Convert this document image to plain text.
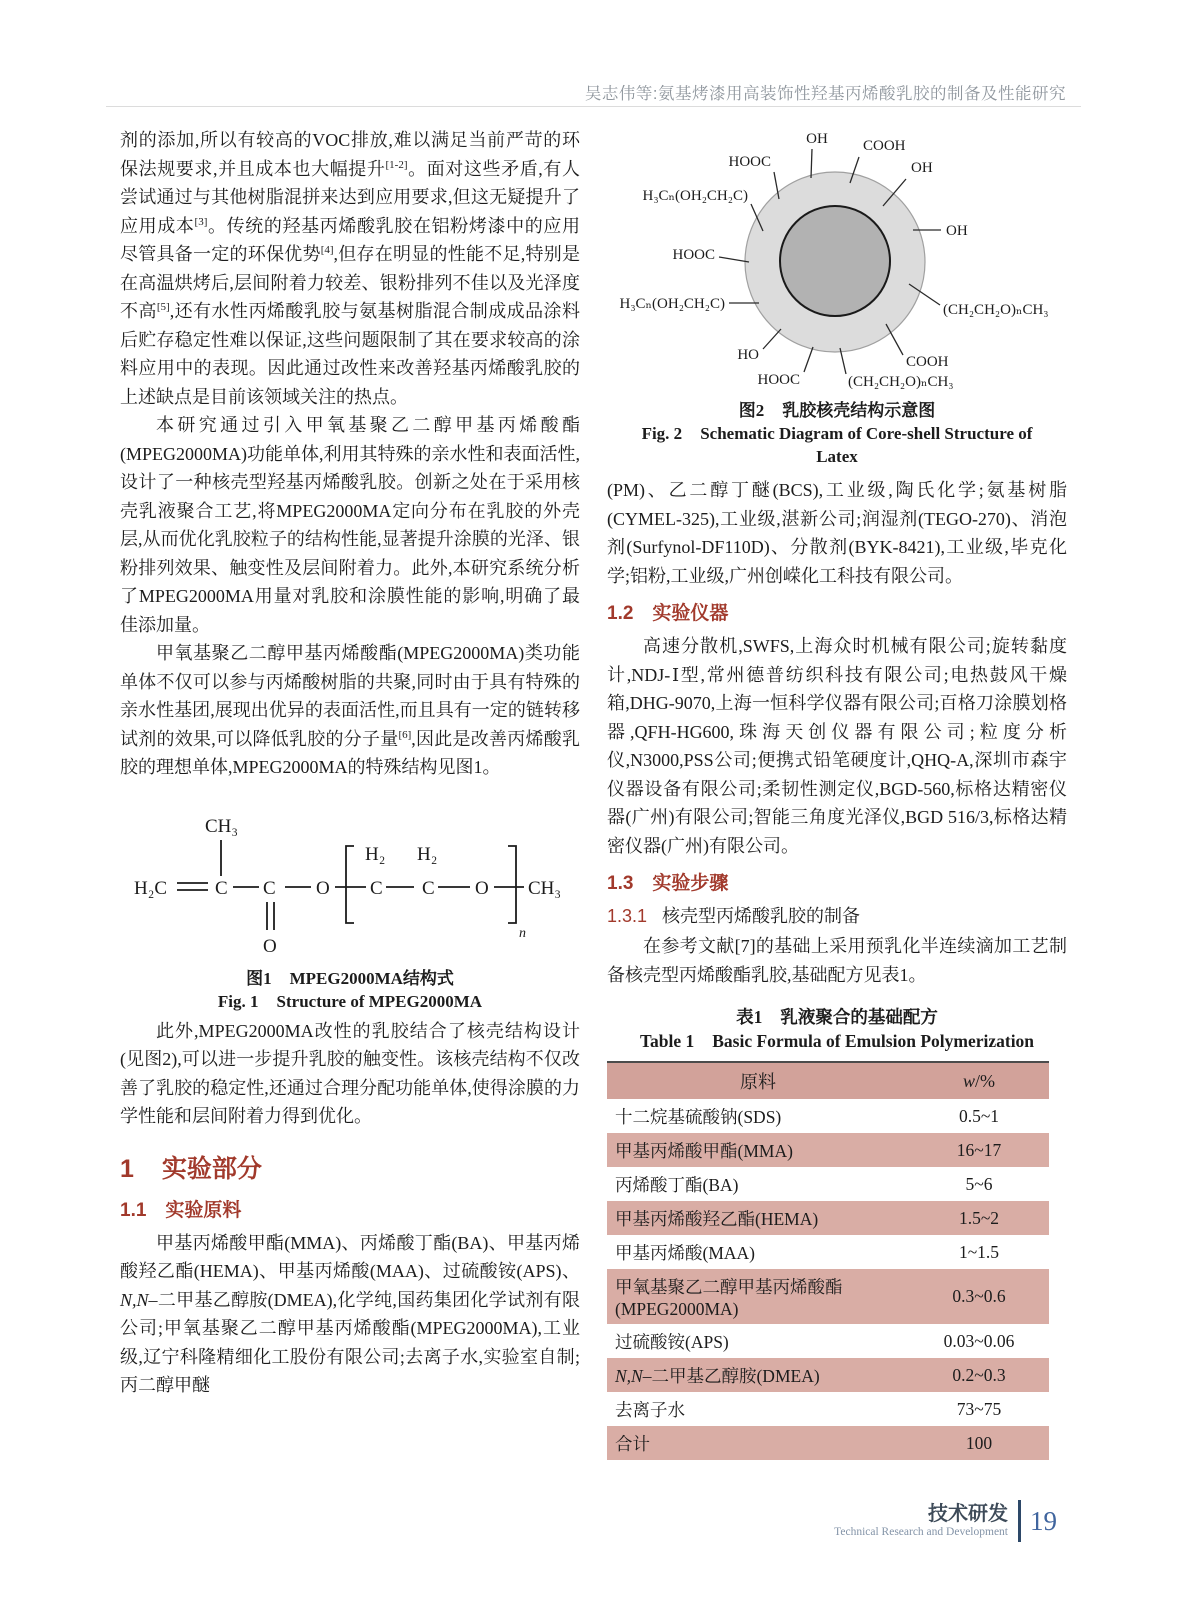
吴志伟等:氨基烤漆用高装饰性羟基丙烯酸乳胶的制备及性能研究

剂的添加,所以有较高的VOC排放,难以满足当前严苛的环保法规要求,并且成本也大幅提升[1-2]。面对这些矛盾,有人尝试通过与其他树脂混拼来达到应用要求,但这无疑提升了应用成本[3]。传统的羟基丙烯酸乳胶在铝粉烤漆中的应用尽管具备一定的环保优势[4],但存在明显的性能不足,特别是在高温烘烤后,层间附着力较差、银粉排列不佳以及光泽度不高[5],还有水性丙烯酸乳胶与氨基树脂混合制成成品涂料后贮存稳定性难以保证,这些问题限制了其在要求较高的涂料应用中的表现。因此通过改性来改善羟基丙烯酸乳胶的上述缺点是目前该领域关注的热点。

本研究通过引入甲氧基聚乙二醇甲基丙烯酸酯(MPEG2000MA)功能单体,利用其特殊的亲水性和表面活性,设计了一种核壳型羟基丙烯酸乳胶。创新之处在于采用核壳乳液聚合工艺,将MPEG2000MA定向分布在乳胶的外壳层,从而优化乳胶粒子的结构性能,显著提升涂膜的光泽、银粉排列效果、触变性及层间附着力。此外,本研究系统分析了MPEG2000MA用量对乳胶和涂膜性能的影响,明确了最佳添加量。

甲氧基聚乙二醇甲基丙烯酸酯(MPEG2000MA)类功能单体不仅可以参与丙烯酸树脂的共聚,同时由于具有特殊的亲水性基团,展现出优异的表面活性,而且具有一定的链转移试剂的效果,可以降低乳胶的分子量[6],因此是改善丙烯酸乳胶的理想单体,MPEG2000MA的特殊结构见图1。

CH₃
H₂C	C C
O
O
H₂
C
H₂
C O
n
CH₃
图1 MPEG2000MA结构式
Fig. 1 Structure of MPEG2000MA

此外,MPEG2000MA改性的乳胶结合了核壳结构设计(见图2),可以进一步提升乳胶的触变性。该核壳结构不仅改善了乳胶的稳定性,还通过合理分配功能单体,使得涂膜的力学性能和层间附着力得到优化。

1 实验部分
1.1 实验原料

甲基丙烯酸甲酯(MMA)、丙烯酸丁酯(BA)、甲基丙烯酸羟乙酯(HEMA)、甲基丙烯酸(MAA)、过硫酸铵(APS)、N,N–二甲基乙醇胺(DMEA),化学纯,国药集团化学试剂有限公司;甲氧基聚乙二醇甲基丙烯酸酯(MPEG2000MA),工业级,辽宁科隆精细化工股份有限公司;去离子水,实验室自制;丙二醇甲醚

OH COOH
OH
OH
(CH₂CH₂O)ₙCH₃
COOH
(CH₂CH₂O)ₙCH₃
HOOC
HO
H₃Cₙ(OH₂CH₂C)
HOOC
H₃Cₙ(OH₂CH₂C)
HOOC
图2 乳胶核壳结构示意图
Fig. 2 Schematic Diagram of Core-shell Structure of Latex

(PM)、乙二醇丁醚(BCS),工业级,陶氏化学;氨基树脂(CYMEL-325),工业级,湛新公司;润湿剂(TEGO-270)、消泡剂(Surfynol-DF110D)、分散剂(BYK-8421),工业级,毕克化学;铝粉,工业级,广州创嵘化工科技有限公司。

1.2 实验仪器

高速分散机,SWFS,上海众时机械有限公司;旋转黏度计,NDJ-Ⅰ型,常州德普纺织科技有限公司;电热鼓风干燥箱,DHG-9070,上海一恒科学仪器有限公司;百格刀涂膜划格器,QFH-HG600,珠海天创仪器有限公司;粒度分析仪,N3000,PSS公司;便携式铅笔硬度计,QHQ-A,深圳市森宇仪器设备有限公司;柔韧性测定仪,BGD-560,标格达精密仪器(广州)有限公司;智能三角度光泽仪,BGD 516/3,标格达精密仪器(广州)有限公司。

1.3 实验步骤
1.3.1 核壳型丙烯酸乳胶的制备

在参考文献[7]的基础上采用预乳化半连续滴加工艺制备核壳型丙烯酸酯乳胶,基础配方见表1。

表1 乳液聚合的基础配方
Table 1 Basic Formula of Emulsion Polymerization
原料	w/%
十二烷基硫酸钠(SDS)	0.5~1
甲基丙烯酸甲酯(MMA)	16~17
丙烯酸丁酯(BA)	5~6
甲基丙烯酸羟乙酯(HEMA)	1.5~2
甲基丙烯酸(MAA)	1~1.5
甲氧基聚乙二醇甲基丙烯酸酯(MPEG2000MA)	0.3~0.6
过硫酸铵(APS)	0.03~0.06
N,N–二甲基乙醇胺(DMEA)	0.2~0.3
去离子水	73~75
合计	100
技术研发
Technical Research and Development 19
